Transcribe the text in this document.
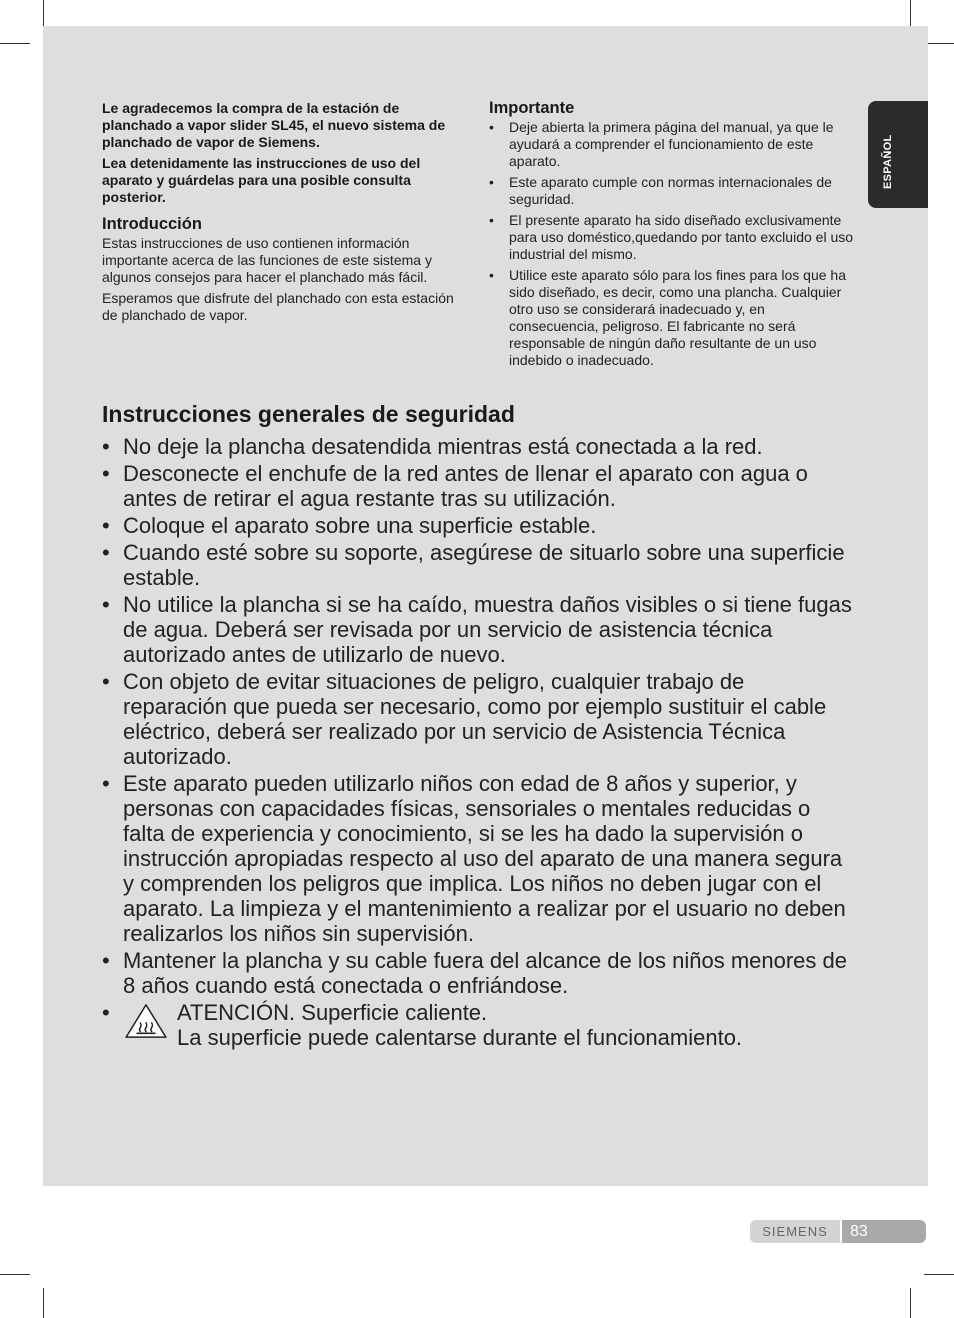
ESPAÑOL

Le agradecemos la compra de la estación de planchado a vapor slider SL45, el nuevo sistema de planchado de vapor de Siemens.

Lea detenidamente las instrucciones de uso del aparato y guárdelas para una posible consulta posterior.

Introducción

Estas instrucciones de uso contienen información importante acerca de las funciones de este sistema y algunos consejos para hacer el planchado más fácil.

Esperamos que disfrute del planchado con esta estación de planchado de vapor.

Importante
• Deje abierta la primera página del manual, ya que le ayudará a comprender el funcionamiento de este aparato.
• Este aparato cumple con normas internacionales de seguridad.
• El presente aparato ha sido diseñado exclusivamente para uso doméstico,quedando por tanto excluido el uso industrial del mismo.
• Utilice este aparato sólo para los fines para los que ha sido diseñado, es decir, como una plancha. Cualquier otro uso se considerará inadecuado y, en consecuencia, peligroso. El fabricante no será responsable de ningún daño resultante de un uso indebido o inadecuado.
Instrucciones generales de seguridad
• No deje la plancha desatendida mientras está conectada a la red.
• Desconecte el enchufe de la red antes de llenar el aparato con agua o antes de retirar el agua restante tras su utilización.
• Coloque el aparato sobre una superficie estable.
• Cuando esté sobre su soporte, asegúrese de situarlo sobre una superficie estable.
• No utilice la plancha si se ha caído, muestra daños visibles o si tiene fugas de agua. Deberá ser revisada por un servicio de asistencia técnica autorizado antes de utilizarlo de nuevo.
• Con objeto de evitar situaciones de peligro, cualquier trabajo de reparación que pueda ser necesario, como por ejemplo sustituir el cable eléctrico, deberá ser realizado por un servicio de Asistencia Técnica autorizado.
• Este aparato pueden utilizarlo niños con edad de 8 años y superior, y personas con capacidades físicas, sensoriales o mentales reducidas o falta de experiencia y conocimiento, si se les ha dado la supervisión o instrucción apropiadas respecto al uso del aparato de una manera segura y comprenden los peligros que implica. Los niños no deben jugar con el aparato. La limpieza y el mantenimiento a realizar por el usuario no deben realizarlos los niños sin supervisión.
• Mantener la plancha y su cable fuera del alcance de los niños menores de 8 años cuando está conectada o enfriándose.
• ATENCIÓN. Superficie caliente.
La superficie puede calentarse durante el funcionamiento.
SIEMENS	83
